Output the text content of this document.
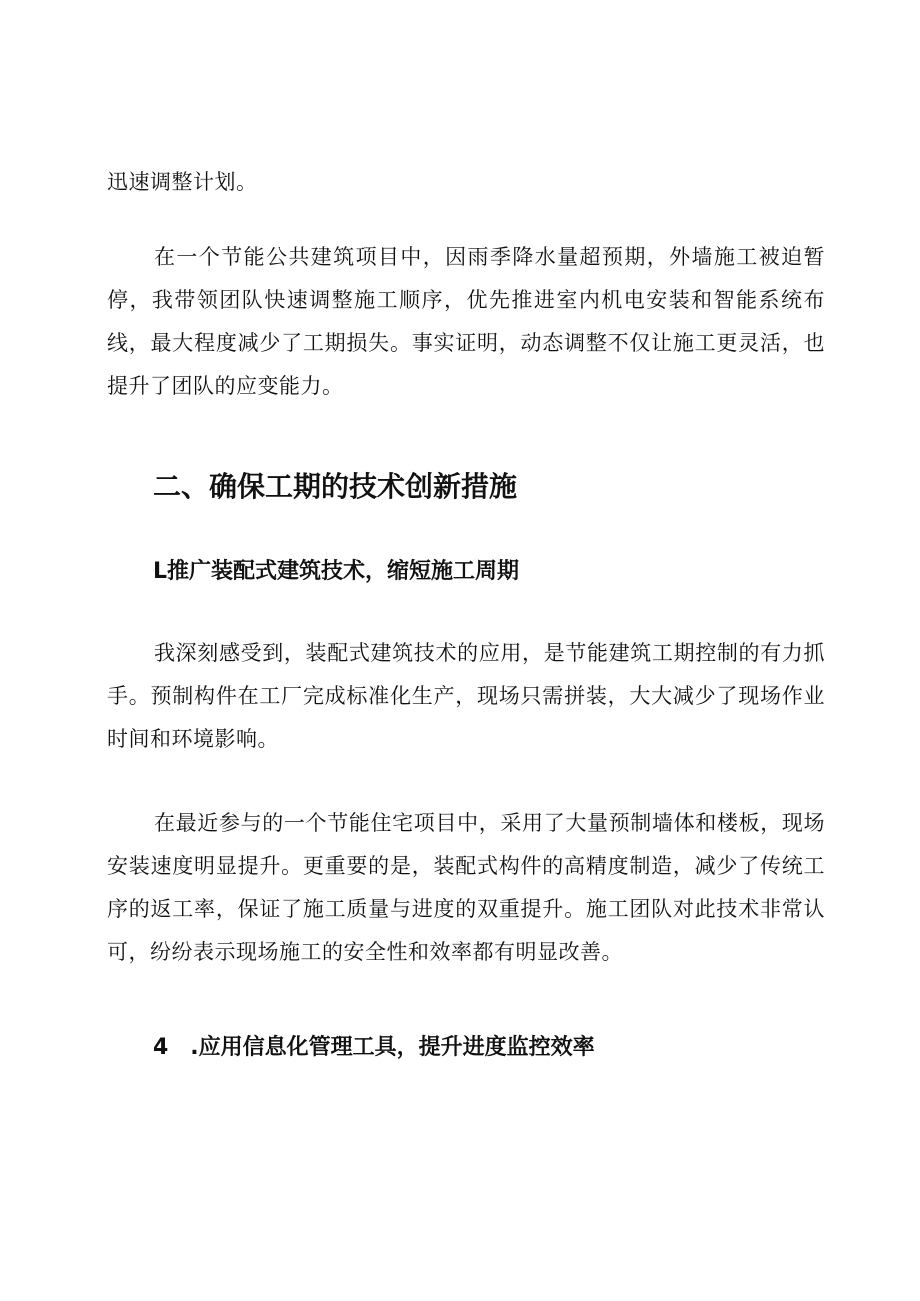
迅速调整计划。

在一个节能公共建筑项目中，因雨季降水量超预期，外墙施工被迫暂停，我带领团队快速调整施工顺序，优先推进室内机电安装和智能系统布线，最大程度减少了工期损失。事实证明，动态调整不仅让施工更灵活，也提升了团队的应变能力。

二、确保工期的技术创新措施
L推广装配式建筑技术，缩短施工周期

我深刻感受到，装配式建筑技术的应用，是节能建筑工期控制的有力抓手。预制构件在工厂完成标准化生产，现场只需拼装，大大减少了现场作业时间和环境影响。

在最近参与的一个节能住宅项目中，采用了大量预制墙体和楼板，现场安装速度明显提升。更重要的是，装配式构件的高精度制造，减少了传统工序的返工率，保证了施工质量与进度的双重提升。施工团队对此技术非常认可，纷纷表示现场施工的安全性和效率都有明显改善。

4　.应用信息化管理工具，提升进度监控效率
